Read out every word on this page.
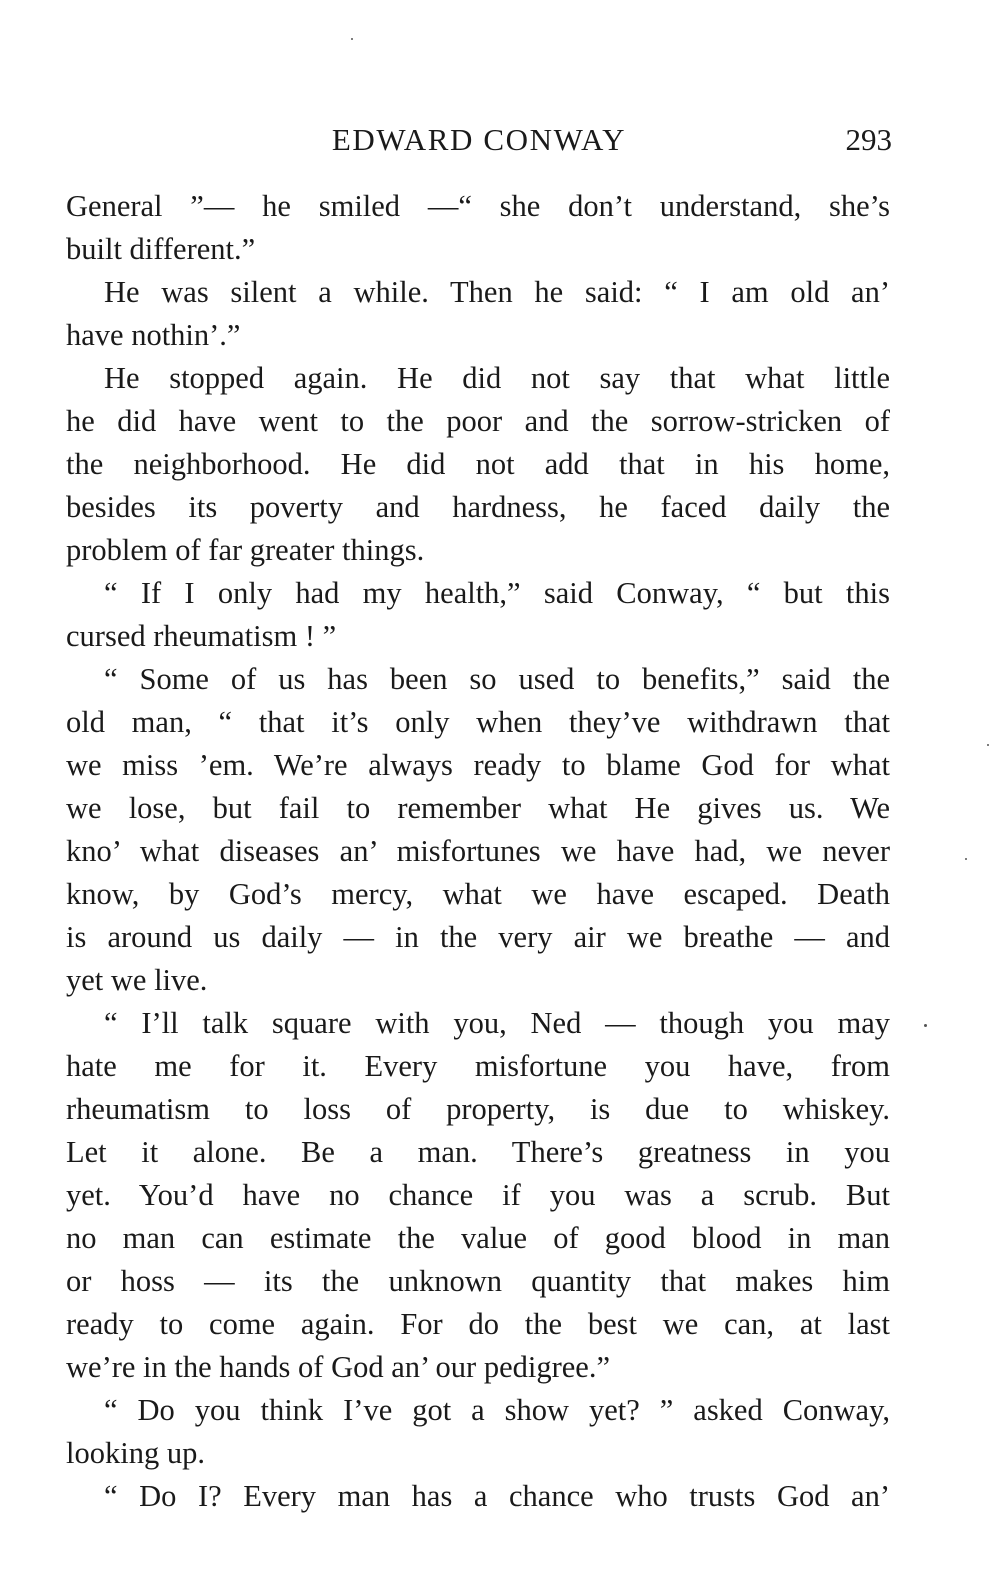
EDWARD CONWAY	293
General ”— he smiled —“ she don’t understand, she’s
built different.”
He was silent a while. Then he said: “ I am old an’
have nothin’.”
He stopped again. He did not say that what little
he did have went to the poor and the sorrow-stricken of
the neighborhood. He did not add that in his home,
besides its poverty and hardness, he faced daily the
problem of far greater things.
“ If I only had my health,” said Conway, “ but this
cursed rheumatism ! ”
“ Some of us has been so used to benefits,” said the
old man, “ that it’s only when they’ve withdrawn that
we miss ’em. We’re always ready to blame God for what
we lose, but fail to remember what He gives us. We
kno’ what diseases an’ misfortunes we have had, we never
know, by God’s mercy, what we have escaped. Death
is around us daily — in the very air we breathe — and
yet we live.
“ I’ll talk square with you, Ned — though you may
hate me for it. Every misfortune you have, from
rheumatism to loss of property, is due to whiskey.
Let it alone. Be a man. There’s greatness in you
yet. You’d have no chance if you was a scrub. But
no man can estimate the value of good blood in man
or hoss — its the unknown quantity that makes him
ready to come again. For do the best we can, at last
we’re in the hands of God an’ our pedigree.”
“ Do you think I’ve got a show yet? ” asked Conway,
looking up.
“ Do I? Every man has a chance who trusts God an’
